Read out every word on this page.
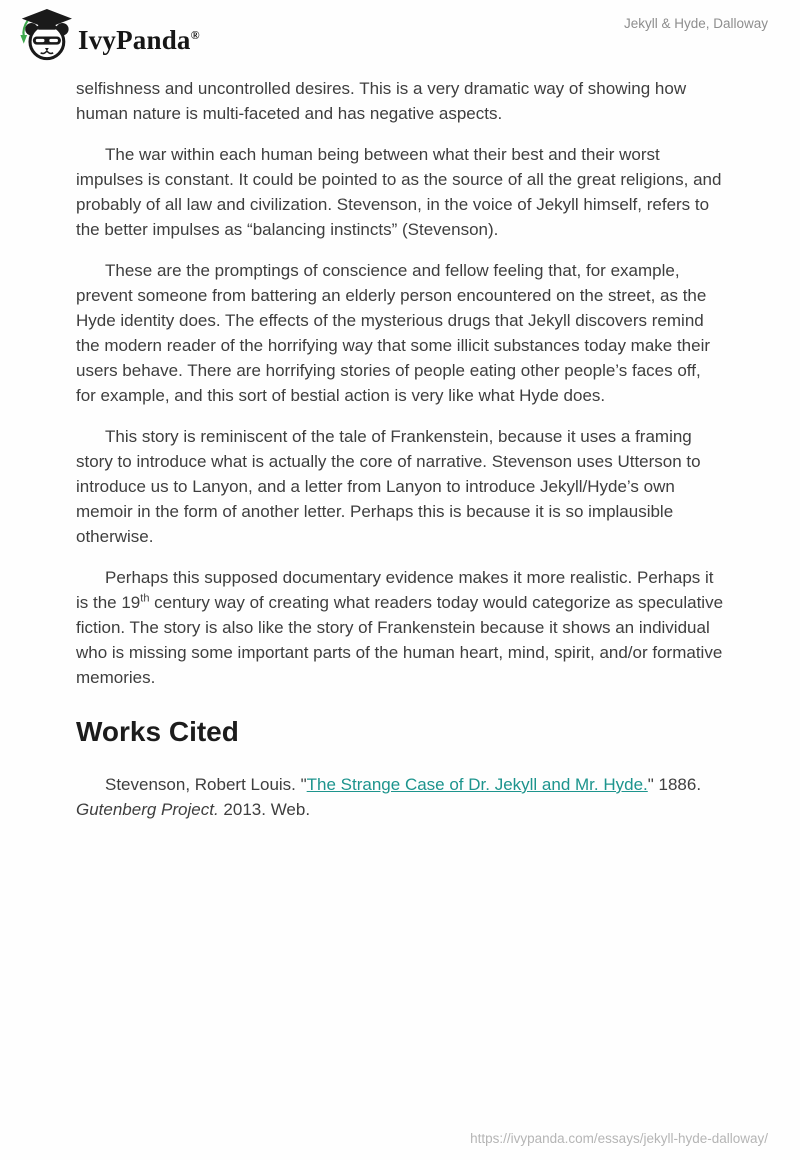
IvyPanda®
Jekyll & Hyde, Dalloway

selfishness and uncontrolled desires. This is a very dramatic way of showing how human nature is multi-faceted and has negative aspects.

The war within each human being between what their best and their worst impulses is constant. It could be pointed to as the source of all the great religions, and probably of all law and civilization. Stevenson, in the voice of Jekyll himself, refers to the better impulses as “balancing instincts” (Stevenson).

These are the promptings of conscience and fellow feeling that, for example, prevent someone from battering an elderly person encountered on the street, as the Hyde identity does. The effects of the mysterious drugs that Jekyll discovers remind the modern reader of the horrifying way that some illicit substances today make their users behave. There are horrifying stories of people eating other people’s faces off, for example, and this sort of bestial action is very like what Hyde does.

This story is reminiscent of the tale of Frankenstein, because it uses a framing story to introduce what is actually the core of narrative. Stevenson uses Utterson to introduce us to Lanyon, and a letter from Lanyon to introduce Jekyll/Hyde’s own memoir in the form of another letter. Perhaps this is because it is so implausible otherwise.

Perhaps this supposed documentary evidence makes it more realistic. Perhaps it is the 19th century way of creating what readers today would categorize as speculative fiction. The story is also like the story of Frankenstein because it shows an individual who is missing some important parts of the human heart, mind, spirit, and/or formative memories.

Works Cited

Stevenson, Robert Louis. "The Strange Case of Dr. Jekyll and Mr. Hyde." 1886. Gutenberg Project. 2013. Web.

https://ivypanda.com/essays/jekyll-hyde-dalloway/
